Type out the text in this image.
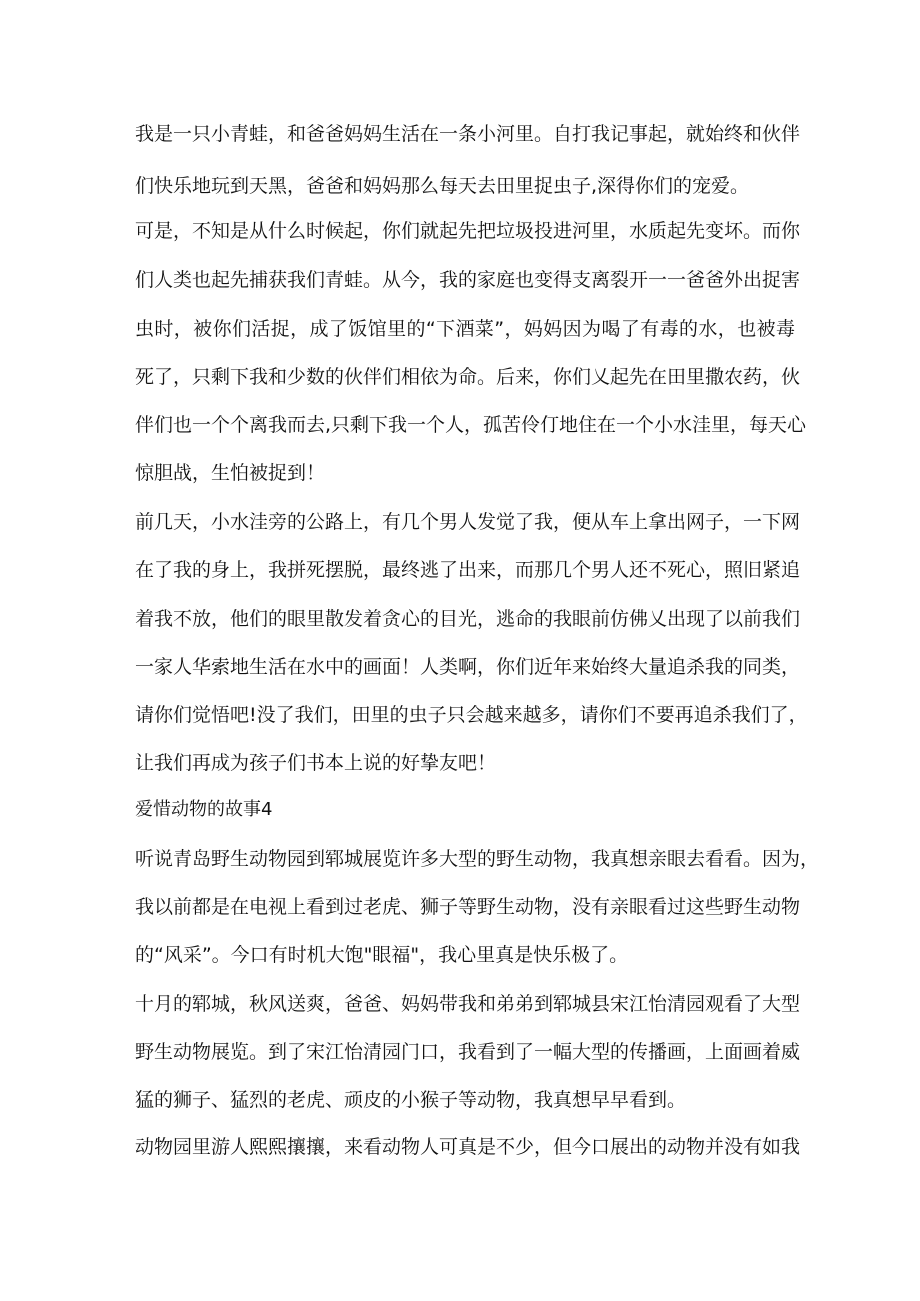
我是一只小青蛙，和爸爸妈妈生活在一条小河里。自打我记事起，就始终和伙伴
们快乐地玩到天黑，爸爸和妈妈那么每天去田里捉虫子,深得你们的宠爱。
可是，不知是从什么时候起，你们就起先把垃圾投进河里，水质起先变坏。而你
们人类也起先捕获我们青蛙。从今，我的家庭也变得支离裂开一一爸爸外出捉害
虫时，被你们活捉，成了饭馆里的“下酒菜”，妈妈因为喝了有毒的水，也被毒
死了，只剩下我和少数的伙伴们相依为命。后来，你们乂起先在田里撒农药，伙
伴们也一个个离我而去,只剩下我一个人，孤苦伶仃地住在一个小水洼里，每天心
惊胆战，生怕被捉到！
前几天，小水洼旁的公路上，有几个男人发觉了我，便从车上拿出网子，一下网
在了我的身上，我拼死摆脱，最终逃了出来，而那几个男人还不死心，照旧紧追
着我不放，他们的眼里散发着贪心的目光，逃命的我眼前仿佛乂出现了以前我们
一家人华索地生活在水中的画面！人类啊，你们近年来始终大量追杀我的同类，
请你们觉悟吧!没了我们，田里的虫子只会越来越多，请你们不要再追杀我们了，
让我们再成为孩子们书本上说的好挚友吧！
爱惜动物的故事4
听说青岛野生动物园到郓城展览许多大型的野生动物，我真想亲眼去看看。因为，
我以前都是在电视上看到过老虎、狮子等野生动物，没有亲眼看过这些野生动物
的“风采”。今口有时机大饱"眼福"，我心里真是快乐极了。
十月的郓城，秋风送爽，爸爸、妈妈带我和弟弟到郓城县宋江怡清园观看了大型
野生动物展览。到了宋江怡清园门口，我看到了一幅大型的传播画，上面画着威
猛的狮子、猛烈的老虎、顽皮的小猴子等动物，我真想早早看到。
动物园里游人熙熙攘攘，来看动物人可真是不少，但今口展出的动物并没有如我
